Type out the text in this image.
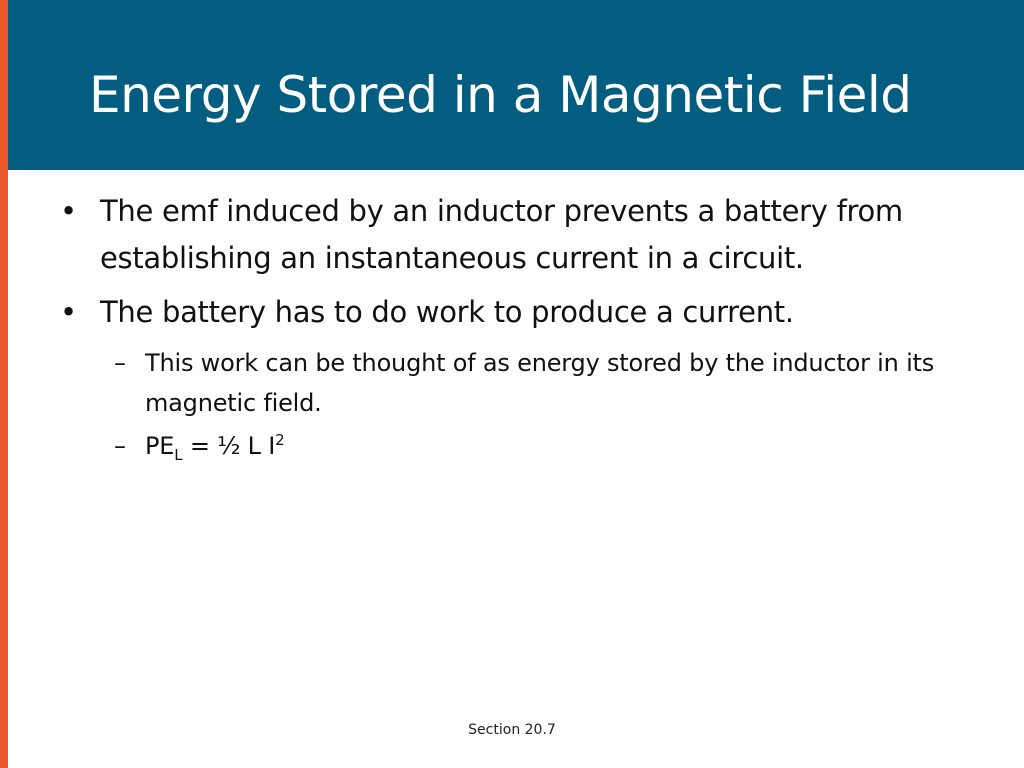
Energy Stored in a Magnetic Field
• The emf induced by an inductor prevents a battery from establishing an instantaneous current in a circuit.
• The battery has to do work to produce a current.
– This work can be thought of as energy stored by the inductor in its magnetic field.
– $PE_L$ = ½ L $I^2$
Section 20.7
